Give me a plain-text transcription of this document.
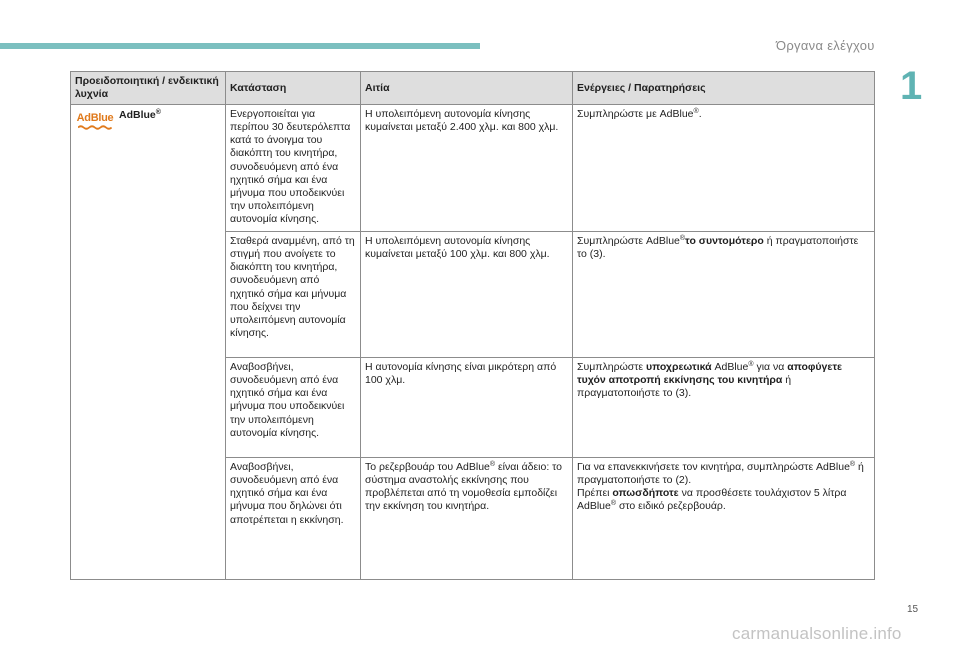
Όργανα ελέγχου
1
Προειδοποιητική / ενδεικτική λυχνία	Κατάσταση	Αιτία	Ενέργειες / Παρατηρήσεις

AdBlue AdBlue®	Ενεργοποιείται για περίπου 30 δευτερόλεπτα κατά το άνοιγμα του διακόπτη του κινητήρα, συνοδευόμενη από ένα ηχητικό σήμα και ένα μήνυμα που υποδεικνύει την υπολειπόμενη αυτονομία κίνησης.	Η υπολειπόμενη αυτονομία κίνησης κυμαίνεται μεταξύ 2.400 χλμ. και 800 χλμ.	Συμπληρώστε με AdBlue®.
	Σταθερά αναμμένη, από τη στιγμή που ανοίγετε το διακόπτη του κινητήρα, συνοδευόμενη από ηχητικό σήμα και μήνυμα που δείχνει την υπολειπόμενη αυτονομία κίνησης.	Η υπολειπόμενη αυτονομία κίνησης κυμαίνεται μεταξύ 100 χλμ. και 800 χλμ.	Συμπληρώστε AdBlue®το συντομότερο ή πραγματοποιήστε το (3).
	Αναβοσβήνει, συνοδευόμενη από ένα ηχητικό σήμα και ένα μήνυμα που υποδεικνύει την υπολειπόμενη αυτονομία κίνησης.	Η αυτονομία κίνησης είναι μικρότερη από 100 χλμ.	Συμπληρώστε υποχρεωτικά AdBlue® για να αποφύγετε τυχόν αποτροπή εκκίνησης του κινητήρα ή πραγματοποιήστε το (3).
	Αναβοσβήνει, συνοδευόμενη από ένα ηχητικό σήμα και ένα μήνυμα που δηλώνει ότι αποτρέπεται η εκκίνηση.	Το ρεζερβουάρ του AdBlue® είναι άδειο: το σύστημα αναστολής εκκίνησης που προβλέπεται από τη νομοθεσία εμποδίζει την εκκίνηση του κινητήρα.	Για να επανεκκινήσετε τον κινητήρα, συμπληρώστε AdBlue® ή πραγματοποιήστε το (2).
Πρέπει οπωσδήποτε να προσθέσετε τουλάχιστον 5 λίτρα AdBlue® στο ειδικό ρεζερβουάρ.
15
carmanualsonline.info
